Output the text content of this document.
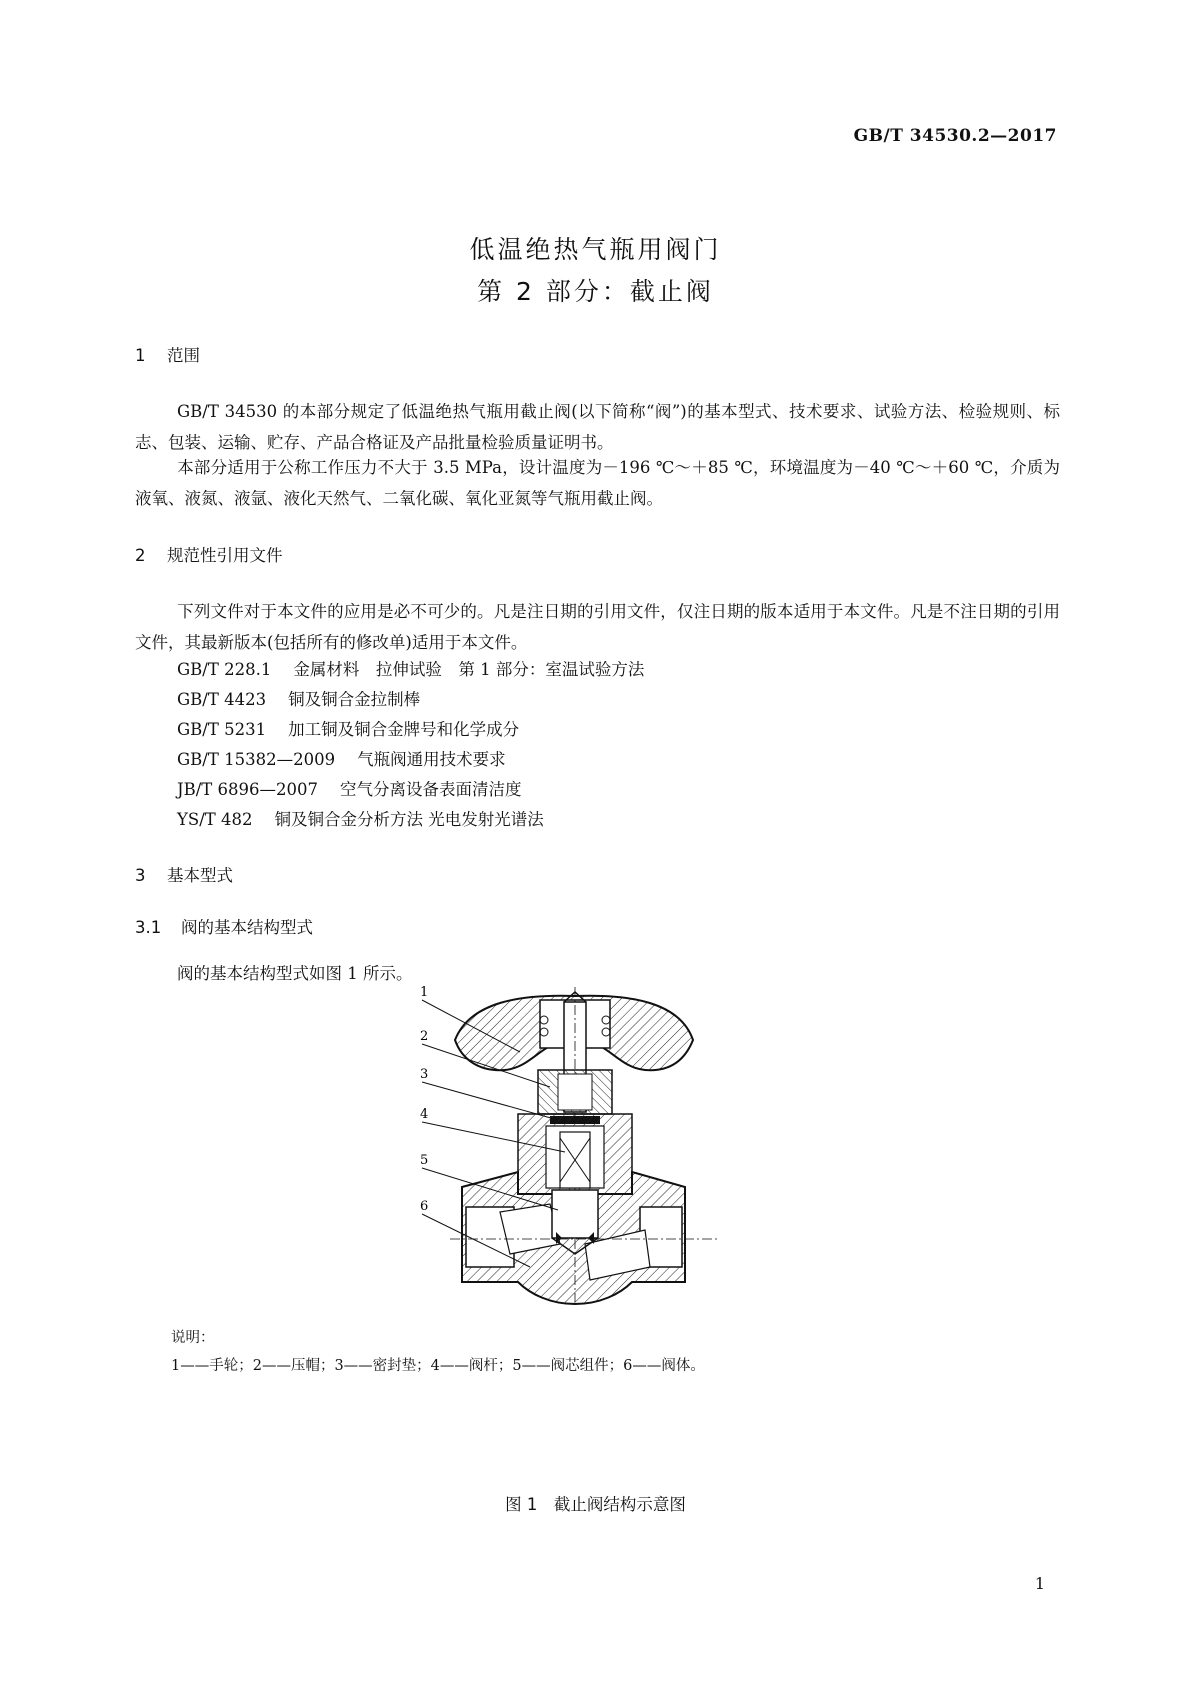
GB/T 34530.2—2017
低温绝热气瓶用阀门
第 2 部分：截止阀
1 范围
GB/T 34530 的本部分规定了低温绝热气瓶用截止阀(以下简称“阀”)的基本型式、技术要求、试验方法、检验规则、标志、包装、运输、贮存、产品合格证及产品批量检验质量证明书。
本部分适用于公称工作压力不大于 3.5 MPa，设计温度为－196 ℃～＋85 ℃，环境温度为－40 ℃～＋60 ℃，介质为液氧、液氮、液氩、液化天然气、二氧化碳、氧化亚氮等气瓶用截止阀。
2 规范性引用文件
下列文件对于本文件的应用是必不可少的。凡是注日期的引用文件，仅注日期的版本适用于本文件。凡是不注日期的引用文件，其最新版本(包括所有的修改单)适用于本文件。
GB/T 228.1 金属材料　拉伸试验　第 1 部分：室温试验方法
GB/T 4423 铜及铜合金拉制棒
GB/T 5231 加工铜及铜合金牌号和化学成分
GB/T 15382—2009 气瓶阀通用技术要求
JB/T 6896—2007 空气分离设备表面清洁度
YS/T 482 铜及铜合金分析方法 光电发射光谱法
3 基本型式
3.1 阀的基本结构型式
阀的基本结构型式如图 1 所示。
1
2
3
4
5
6
说明：
1——手轮；2——压帽；3——密封垫；4——阀杆；5——阀芯组件；6——阀体。
图 1　截止阀结构示意图
1
